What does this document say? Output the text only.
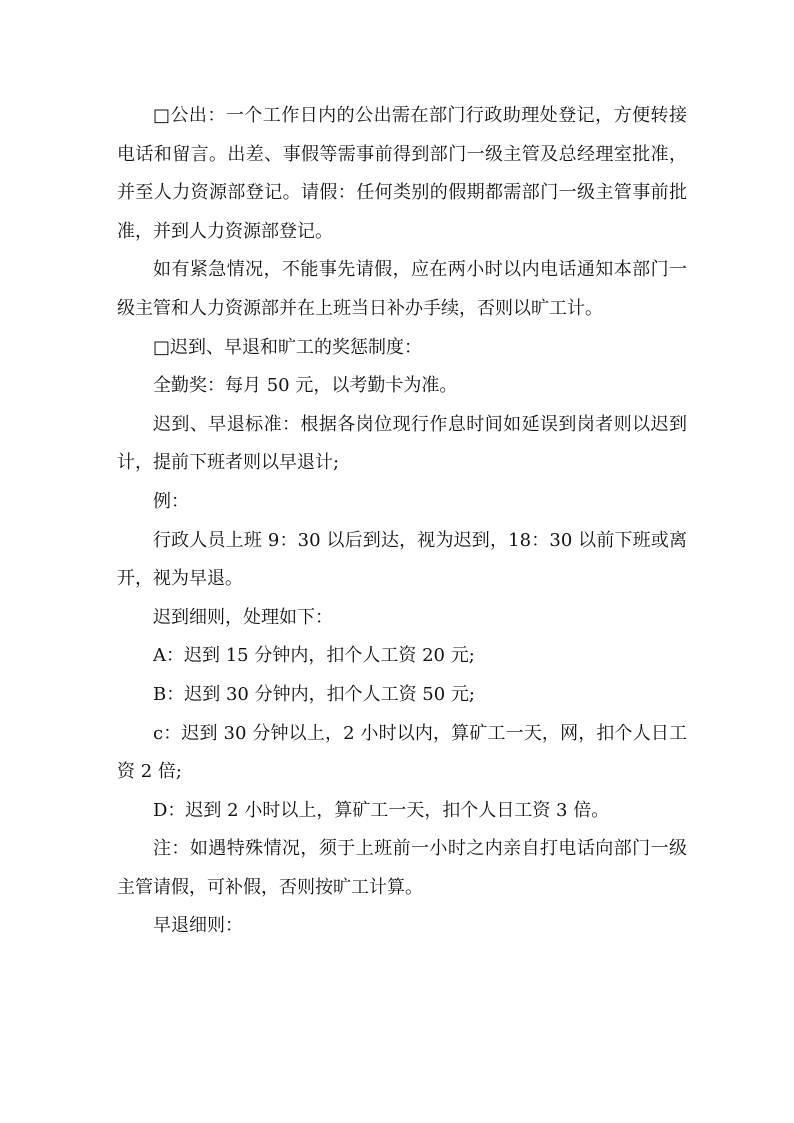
□公出：一个工作日内的公出需在部门行政助理处登记，方便转接电话和留言。出差、事假等需事前得到部门一级主管及总经理室批准，并至人力资源部登记。请假：任何类别的假期都需部门一级主管事前批准，并到人力资源部登记。

如有紧急情况，不能事先请假，应在两小时以内电话通知本部门一级主管和人力资源部并在上班当日补办手续，否则以旷工计。

□迟到、早退和旷工的奖惩制度：

全勤奖：每月 50 元，以考勤卡为准。

迟到、早退标准：根据各岗位现行作息时间如延误到岗者则以迟到计，提前下班者则以早退计;

例：

行政人员上班 9：30 以后到达，视为迟到，18：30 以前下班或离开，视为早退。

迟到细则，处理如下：

A：迟到 15 分钟内，扣个人工资 20 元;

B：迟到 30 分钟内，扣个人工资 50 元;

c：迟到 30 分钟以上，2 小时以内，算矿工一天，网，扣个人日工资 2 倍;

D：迟到 2 小时以上，算矿工一天，扣个人日工资 3 倍。

注：如遇特殊情况，须于上班前一小时之内亲自打电话向部门一级主管请假，可补假，否则按旷工计算。

早退细则：
